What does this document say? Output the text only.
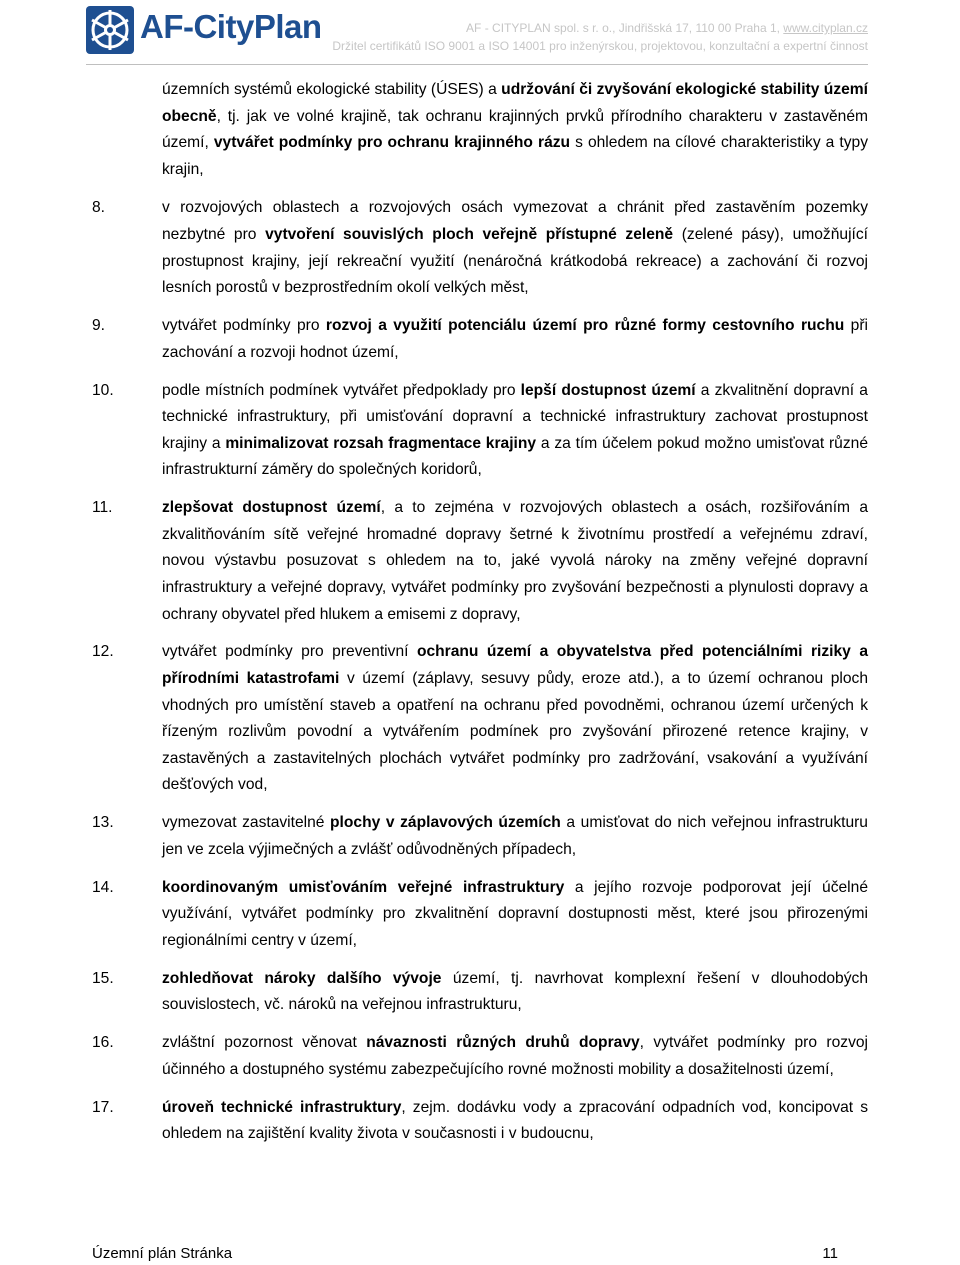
AF-CityPlan	AF - CITYPLAN spol. s r. o., Jindřišská 17, 110 00 Praha 1, www.cityplan.cz
Držitel certifikátů ISO 9001 a ISO 14001 pro inženýrskou, projektovou, konzultační a expertní činnost

územních systémů ekologické stability (ÚSES) a udržování či zvyšování ekologické stability území obecně, tj. jak ve volné krajině, tak ochranu krajinných prvků přírodního charakteru v zastavěném území, vytvářet podmínky pro ochranu krajinného rázu s ohledem na cílové charakteristiky a typy krajin,

8.	v rozvojových oblastech a rozvojových osách vymezovat a chránit před zastavěním pozemky nezbytné pro vytvoření souvislých ploch veřejně přístupné zeleně (zelené pásy), umožňující prostupnost krajiny, její rekreační využití (nenáročná krátkodobá rekreace) a zachování či rozvoj lesních porostů v bezprostředním okolí velkých měst,
9.	vytvářet podmínky pro rozvoj a využití potenciálu území pro různé formy cestovního ruchu při zachování a rozvoji hodnot území,
10.	podle místních podmínek vytvářet předpoklady pro lepší dostupnost území a zkvalitnění dopravní a technické infrastruktury, při umisťování dopravní a technické infrastruktury zachovat prostupnost krajiny a minimalizovat rozsah fragmentace krajiny a za tím účelem pokud možno umisťovat různé infrastrukturní záměry do společných koridorů,
11.	zlepšovat dostupnost území, a to zejména v rozvojových oblastech a osách, rozšiřováním a zkvalitňováním sítě veřejné hromadné dopravy šetrné k životnímu prostředí a veřejnému zdraví, novou výstavbu posuzovat s ohledem na to, jaké vyvolá nároky na změny veřejné dopravní infrastruktury a veřejné dopravy, vytvářet podmínky pro zvyšování bezpečnosti a plynulosti dopravy a ochrany obyvatel před hlukem a emisemi z dopravy,
12.	vytvářet podmínky pro preventivní ochranu území a obyvatelstva před potenciálními riziky a přírodními katastrofami v území (záplavy, sesuvy půdy, eroze atd.), a to území ochranou ploch vhodných pro umístění staveb a opatření na ochranu před povodněmi, ochranou území určených k řízeným rozlivům povodní a vytvářením podmínek pro zvyšování přirozené retence krajiny, v zastavěných a zastavitelných plochách vytvářet podmínky pro zadržování, vsakování a využívání dešťových vod,
13.	vymezovat zastavitelné plochy v záplavových územích a umisťovat do nich veřejnou infrastrukturu jen ve zcela výjimečných a zvlášť odůvodněných případech,
14.	koordinovaným umisťováním veřejné infrastruktury a jejího rozvoje podporovat její účelné využívání, vytvářet podmínky pro zkvalitnění dopravní dostupnosti měst, které jsou přirozenými regionálními centry v území,
15.	zohledňovat nároky dalšího vývoje území, tj. navrhovat komplexní řešení v dlouhodobých souvislostech, vč. nároků na veřejnou infrastrukturu,
16.	zvláštní pozornost věnovat návaznosti různých druhů dopravy, vytvářet podmínky pro rozvoj účinného a dostupného systému zabezpečujícího rovné možnosti mobility a dosažitelnosti území,
17.	úroveň technické infrastruktury, zejm. dodávku vody a zpracování odpadních vod, koncipovat s ohledem na zajištění kvality života v současnosti i v budoucnu,
Územní plán Stránka	11
